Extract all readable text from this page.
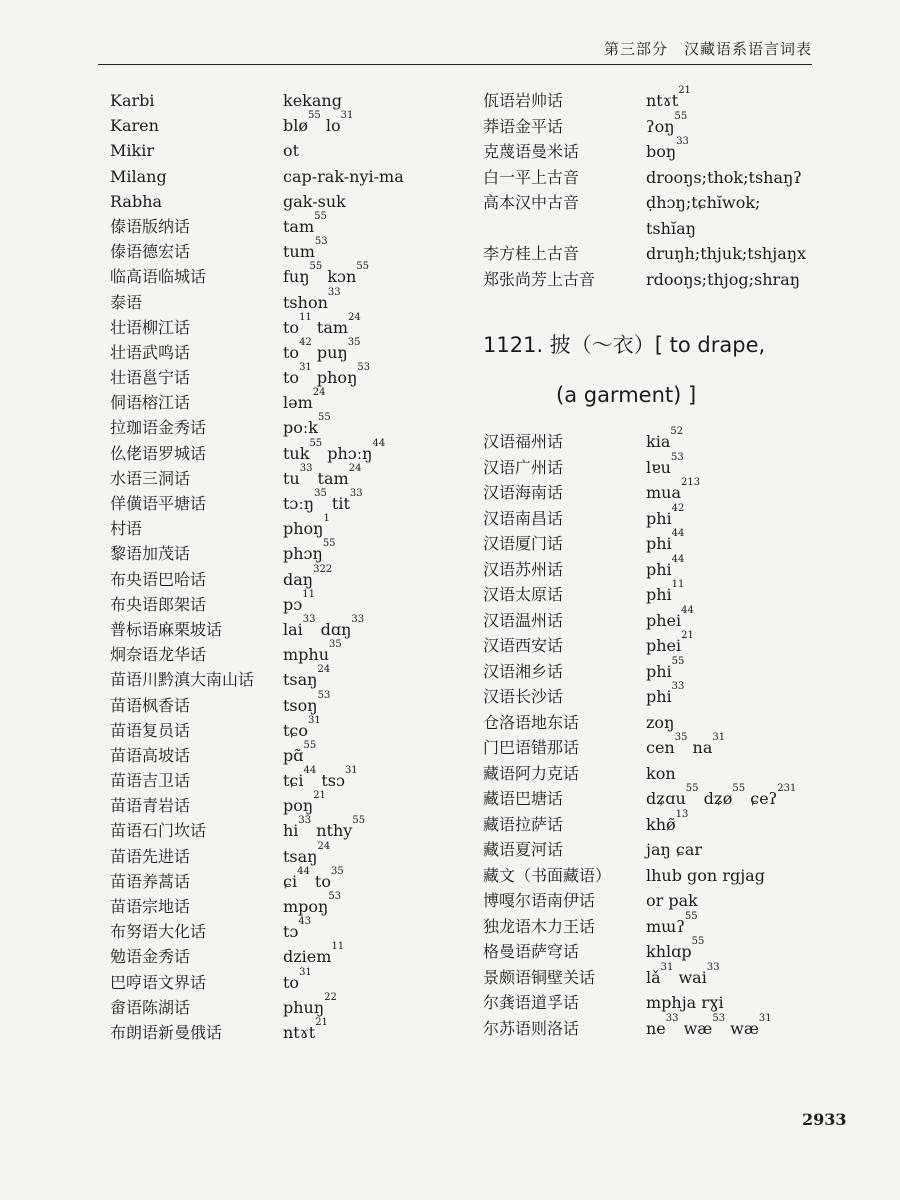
第三部分　汉藏语系语言词表
Karbi	kekang
Karen	blø$^{55}$ $lo^{31}$
Mikir	ot
Milang	cap-rak-nyi-ma
Rabha	gak-suk
傣语版纳话	tam$^{55}$
傣语德宏话	tum$^{53}$
临高语临城话	fuŋ$^{55}$ kɔn$^{55}$
泰语	tshon$^{33}$
壮语柳江话	$to^{11}$ tam$^{24}$
壮语武鸣话	$to^{42}$ puŋ$^{35}$
壮语邕宁话	$to^{31}$ phoŋ$^{53}$
侗语榕江话	ləm$^{24}$
拉珈语金秀话	poːk$^{55}$
仫佬语罗城话	tuk$^{55}$ phɔːŋ$^{44}$
水语三洞话	$tu^{33}$ tam$^{24}$
佯僙语平塘话	tɔːŋ$^{35}$ tit$^{33}$
村语	phoŋ$^1$
黎语加茂话	phɔŋ$^{55}$
布央语巴哈话	daŋ$^{322}$
布央语郎架话	pɔ$^{11}$
普标语麻栗坡话	lai$^{33}$ dɑŋ$^{33}$
炯奈语龙华话	mphu$^{35}$
苗语川黔滇大南山话 tsaŋ$^{24}$
苗语枫香话	tsoŋ$^{53}$
苗语复员话	tɕo$^{31}$
苗语高坡话	pɑ̃$^{55}$
苗语吉卫话	tɕi$^{44}$ tsɔ$^{31}$
苗语青岩话	poŋ$^{21}$
苗语石门坎话	$hi^{33}$ nthy$^{55}$
苗语先进话	tsaŋ$^{24}$
苗语养蒿话	ɕi$^{44}$ $to^{35}$
苗语宗地话	mpoŋ$^{53}$
布努语大化话	tɔ$^{43}$
勉语金秀话	dziem$^{11}$
巴哼语文界话	$to^{31}$
畲语陈湖话	phuŋ$^{22}$
布朗语新曼俄话	ntɤt$^{21}$
佤语岩帅话	ntɤt$^{21}$
莽语金平话	ʔoŋ$^{55}$
克蔑语曼米话	boŋ$^{33}$
白一平上古音	drooŋs;thok;tshaŋʔ
高本汉中古音	ḍhɔŋ;tɕhĭwok;
tshĭaŋ
李方桂上古音	druŋh;thjuk;tshjaŋx
郑张尚芳上古音	rdooŋs;thjog;shraŋ
1121. 披（～衣）[ to drape,
(a garment) ]
汉语福州话	kia$^{52}$
汉语广州话	lɐu$^{53}$
汉语海南话	mua$^{213}$
汉语南昌话	phi$^{42}$
汉语厦门话	phi$^{44}$
汉语苏州话	phi$^{44}$
汉语太原话	phi$^{11}$
汉语温州话	phei$^{44}$
汉语西安话	phei$^{21}$
汉语湘乡话	phi$^{55}$
汉语长沙话	phi$^{33}$
仓洛语地东话	zoŋ
门巴语错那话	cen$^{35}$ $na^{31}$
藏语阿力克话	kon
藏语巴塘话	dʑɑu$^{55}$ dʑø$^{55}$ ɕeʔ$^{231}$
藏语拉萨话	khø̃$^{13}$
藏语夏河话	jaŋ ɕar
藏文（书面藏语） lhub gon rgjag
博嘎尔语南伊话	or pak
独龙语木力王话	mɯʔ$^{55}$
格曼语萨穹话	khlɑp$^{55}$
景颇语铜壁关话	$lǎ^{31}$ wai$^{33}$
尔龚语道孚话	mphja rɣi
尔苏语则洛话	$ne^{33}$ $wæ^{53}$ $wæ^{31}$
2933
